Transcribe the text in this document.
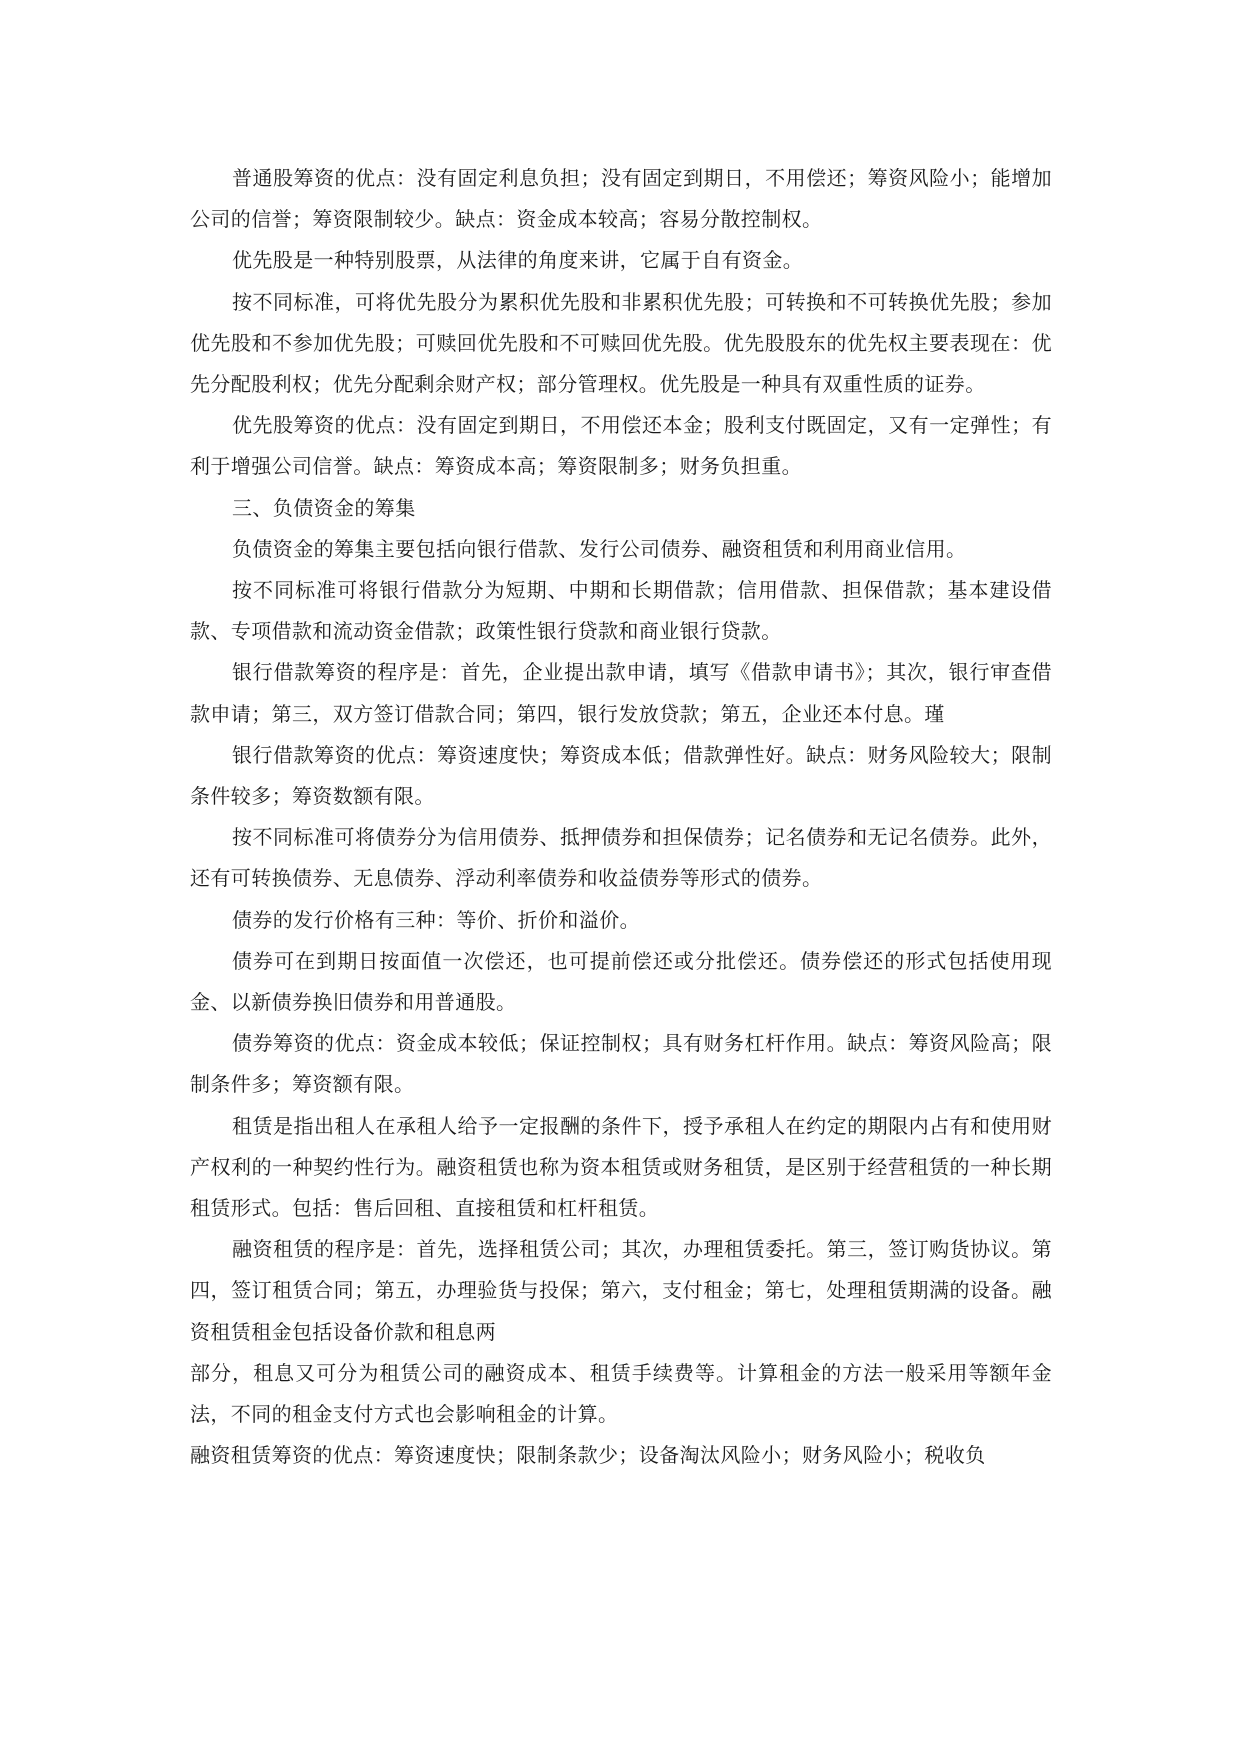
普通股筹资的优点：没有固定利息负担；没有固定到期日，不用偿还；筹资风险小；能增加公司的信誉；筹资限制较少。缺点：资金成本较高；容易分散控制权。

优先股是一种特别股票，从法律的角度来讲，它属于自有资金。

按不同标准，可将优先股分为累积优先股和非累积优先股；可转换和不可转换优先股；参加优先股和不参加优先股；可赎回优先股和不可赎回优先股。优先股股东的优先权主要表现在：优先分配股利权；优先分配剩余财产权；部分管理权。优先股是一种具有双重性质的证券。

优先股筹资的优点：没有固定到期日，不用偿还本金；股利支付既固定，又有一定弹性；有利于增强公司信誉。缺点：筹资成本高；筹资限制多；财务负担重。

三、负债资金的筹集

负债资金的筹集主要包括向银行借款、发行公司债券、融资租赁和利用商业信用。

按不同标准可将银行借款分为短期、中期和长期借款；信用借款、担保借款；基本建设借款、专项借款和流动资金借款；政策性银行贷款和商业银行贷款。

银行借款筹资的程序是：首先，企业提出款申请，填写《借款申请书》；其次，银行审查借款申请；第三，双方签订借款合同；第四，银行发放贷款；第五，企业还本付息。瑾

银行借款筹资的优点：筹资速度快；筹资成本低；借款弹性好。缺点：财务风险较大；限制条件较多；筹资数额有限。

按不同标准可将债券分为信用债券、抵押债券和担保债券；记名债券和无记名债券。此外，还有可转换债券、无息债券、浮动利率债券和收益债券等形式的债券。

债券的发行价格有三种：等价、折价和溢价。

债券可在到期日按面值一次偿还，也可提前偿还或分批偿还。债券偿还的形式包括使用现金、以新债券换旧债券和用普通股。

债券筹资的优点：资金成本较低；保证控制权；具有财务杠杆作用。缺点：筹资风险高；限制条件多；筹资额有限。

租赁是指出租人在承租人给予一定报酬的条件下，授予承租人在约定的期限内占有和使用财产权利的一种契约性行为。融资租赁也称为资本租赁或财务租赁，是区别于经营租赁的一种长期租赁形式。包括：售后回租、直接租赁和杠杆租赁。

融资租赁的程序是：首先，选择租赁公司；其次，办理租赁委托。第三，签订购货协议。第四，签订租赁合同；第五，办理验货与投保；第六，支付租金；第七，处理租赁期满的设备。融资租赁租金包括设备价款和租息两

部分，租息又可分为租赁公司的融资成本、租赁手续费等。计算租金的方法一般采用等额年金法，不同的租金支付方式也会影响租金的计算。

融资租赁筹资的优点：筹资速度快；限制条款少；设备淘汰风险小；财务风险小；税收负
